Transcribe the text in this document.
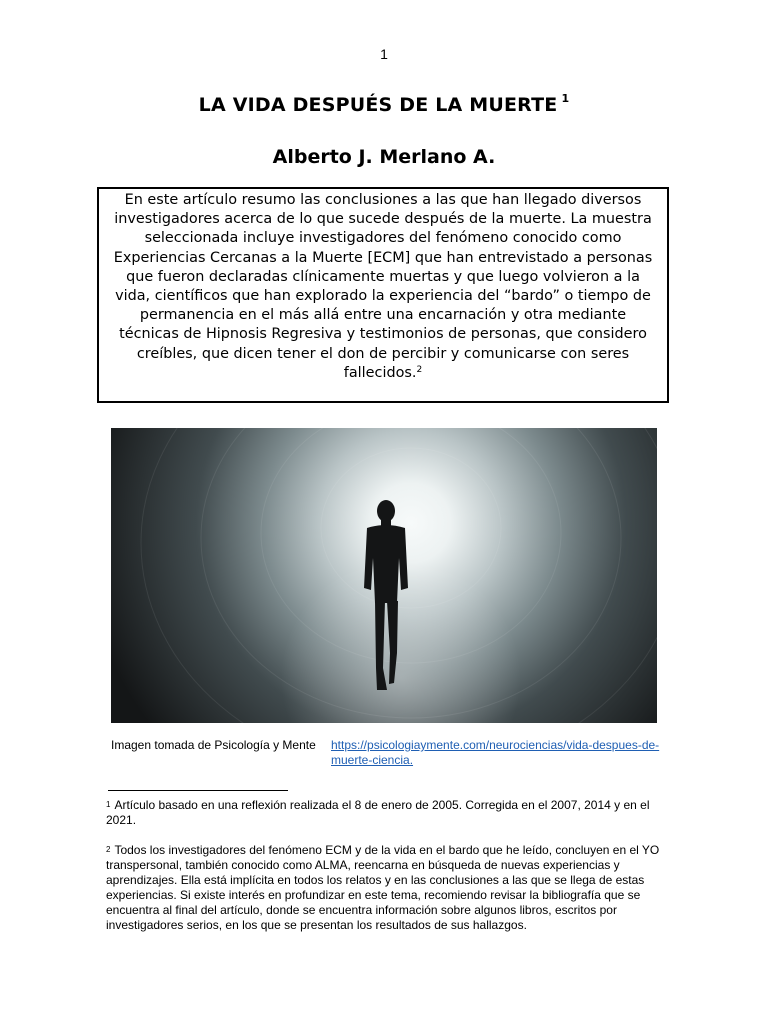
1
LA VIDA DESPUÉS DE LA MUERTE $^1$
Alberto J. Merlano A.
En este artículo resumo las conclusiones a las que han llegado diversos investigadores acerca de lo que sucede después de la muerte. La muestra seleccionada incluye investigadores del fenómeno conocido como Experiencias Cercanas a la Muerte [ECM] que han entrevistado a personas que fueron declaradas clínicamente muertas y que luego volvieron a la vida, científicos que han explorado la experiencia del “bardo” o tiempo de permanencia en el más allá entre una encarnación y otra mediante técnicas de Hipnosis Regresiva y testimonios de personas, que considero creíbles, que dicen tener el don de percibir y comunicarse con seres fallecidos.$^2$
Imagen tomada de Psicología y Mente https://psicologiaymente.com/neurociencias/vida-despues-de-muerte-ciencia.

$^1$ Artículo basado en una reflexión realizada el 8 de enero de 2005. Corregida en el 2007, 2014 y en el 2021.

$^2$ Todos los investigadores del fenómeno ECM y de la vida en el bardo que he leído, concluyen en el YO transpersonal, también conocido como ALMA, reencarna en búsqueda de nuevas experiencias y aprendizajes. Ella está implícita en todos los relatos y en las conclusiones a las que se llega de estas experiencias. Si existe interés en profundizar en este tema, recomiendo revisar la bibliografía que se encuentra al final del artículo, donde se encuentra información sobre algunos libros, escritos por investigadores serios, en los que se presentan los resultados de sus hallazgos.
